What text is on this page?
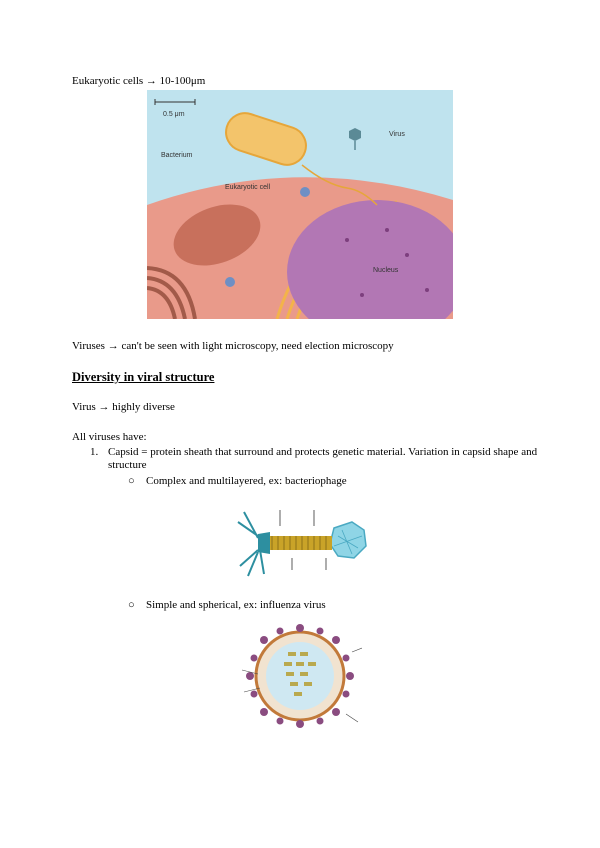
Eukaryotic cells → 10-100μm
0.5 μm
Bacterium
Virus
Eukaryotic cell
Nucleus
Viruses → can't be seen with light microscopy, need election microscopy
Diversity in viral structure
Virus → highly diverse
All viruses have:
1. Capsid = protein sheath that surround and protects genetic material. Variation in capsid shape and structure
○ Complex and multilayered, ex: bacteriophage
○ Simple and spherical, ex: influenza virus
